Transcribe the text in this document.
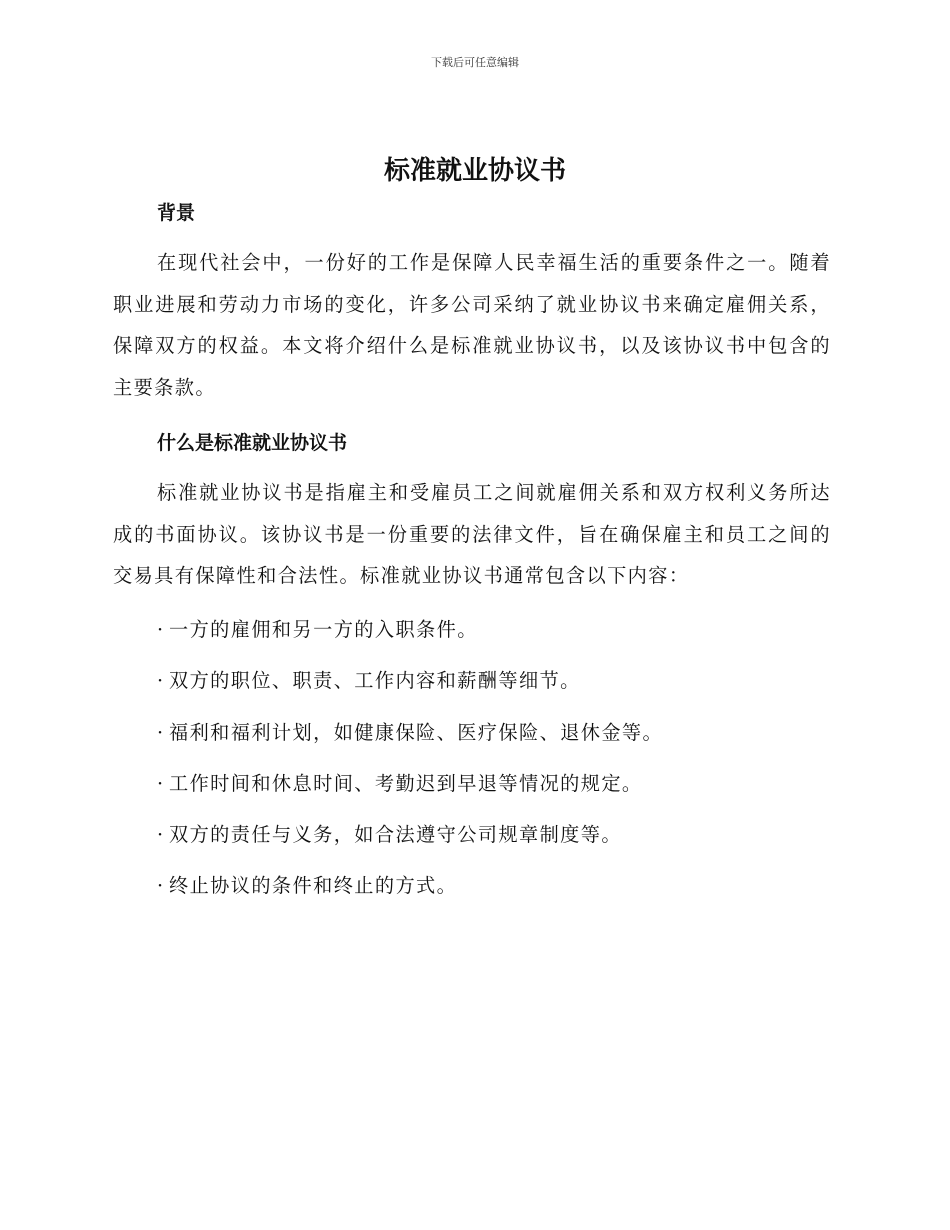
下载后可任意编辑
标准就业协议书
背景
在现代社会中，一份好的工作是保障人民幸福生活的重要条件之一。随着职业进展和劳动力市场的变化，许多公司采纳了就业协议书来确定雇佣关系，保障双方的权益。本文将介绍什么是标准就业协议书，以及该协议书中包含的主要条款。
什么是标准就业协议书
标准就业协议书是指雇主和受雇员工之间就雇佣关系和双方权利义务所达成的书面协议。该协议书是一份重要的法律文件，旨在确保雇主和员工之间的交易具有保障性和合法性。标准就业协议书通常包含以下内容：
· 一方的雇佣和另一方的入职条件。
· 双方的职位、职责、工作内容和薪酬等细节。
· 福利和福利计划，如健康保险、医疗保险、退休金等。
· 工作时间和休息时间、考勤迟到早退等情况的规定。
· 双方的责任与义务，如合法遵守公司规章制度等。
· 终止协议的条件和终止的方式。
